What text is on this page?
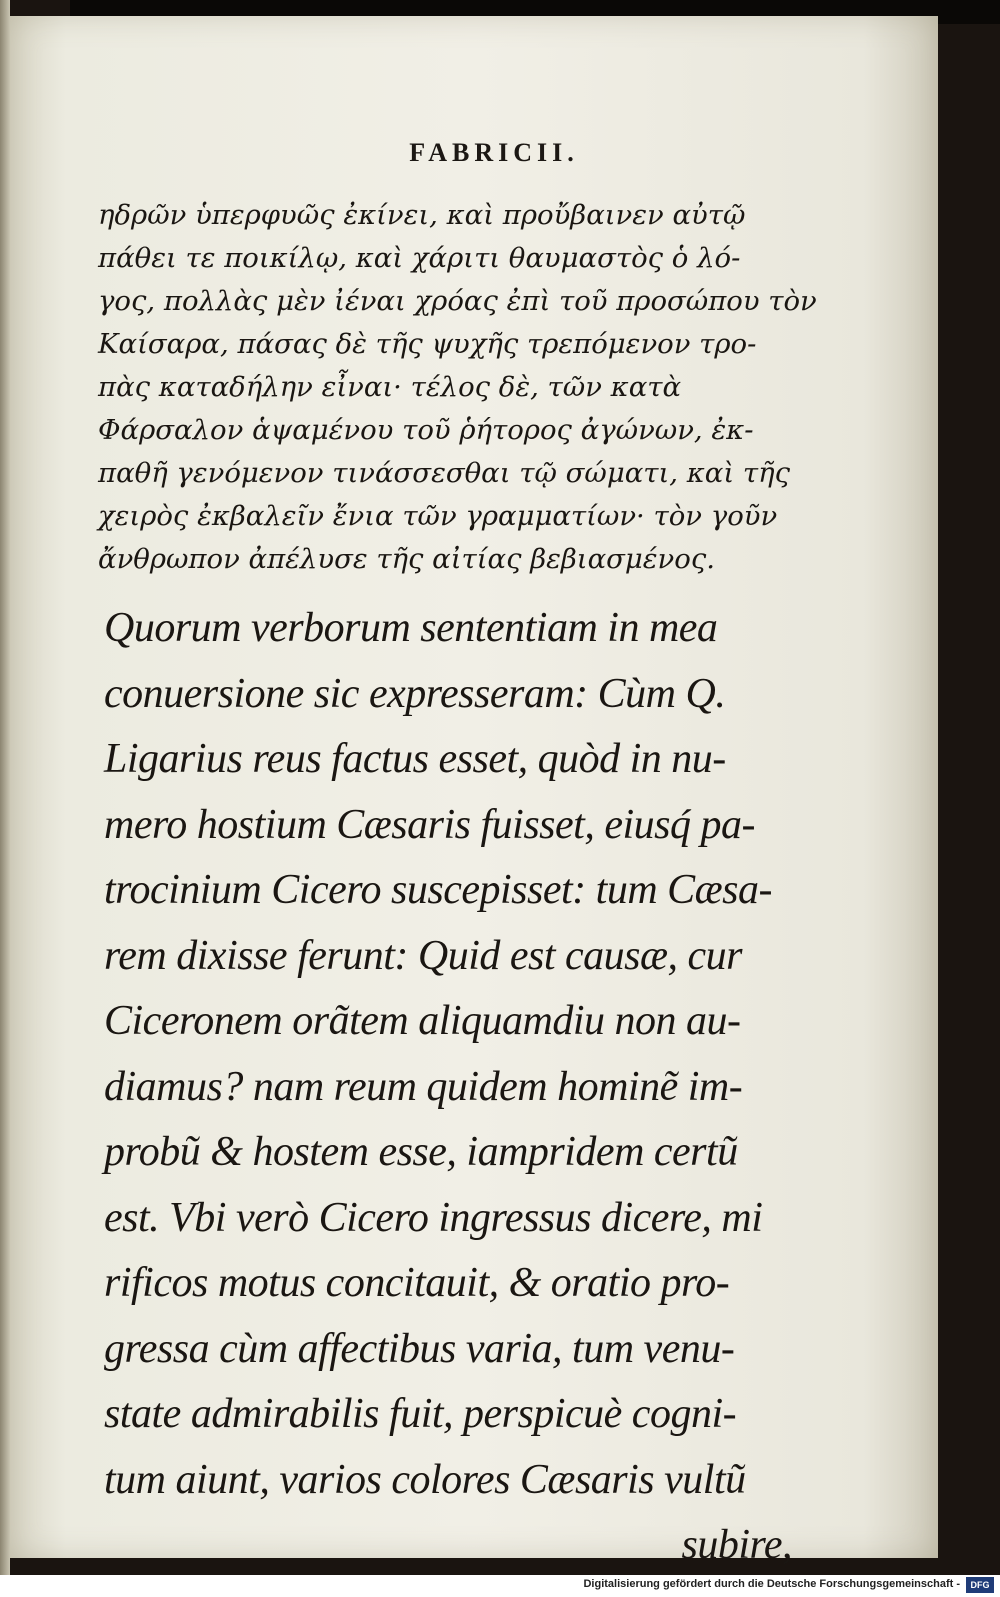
FABRICII.
ηδρῶν ὑπερφυῶς ἐκίνει, καὶ προὔβαινεν αὐτῷ
πάθει τε ποικίλῳ, καὶ χάριτι θαυμαστὸς ὁ λό-
γος, πολλὰς μὲν ἰέναι χρόας ἐπὶ τοῦ προσώπου τὸν
Καίσαρα, πάσας δὲ τῆς ψυχῆς τρεπόμενον τρο-
πὰς καταδήλην εἶναι· τέλος δὲ, τῶν κατὰ
Φάρσαλον ἁψαμένου τοῦ ῥήτορος ἀγώνων, ἐκ-
παθῆ γενόμενον τινάσσεσθαι τῷ σώματι, καὶ τῆς
χειρὸς ἐκβαλεῖν ἔνια τῶν γραμματίων· τὸν γοῦν
ἄνθρωπον ἀπέλυσε τῆς αἰτίας βεβιασμένος.
Quorum verborum sententiam in mea
conuersione sic expresseram: Cùm Q.
Ligarius reus factus esset, quòd in nu-
mero hostium Cæsaris fuisset, eiusq́ pa-
trocinium Cicero suscepisset: tum Cæsa-
rem dixisse ferunt: Quid est causæ, cur
Ciceronem orãtem aliquamdiu non au-
diamus? nam reum quidem hominẽ im-
probũ & hostem esse, iampridem certũ
est. Vbi verò Cicero ingressus dicere, mi
rificos motus concitauit, & oratio pro-
gressa cùm affectibus varia, tum venu-
state admirabilis fuit, perspicuè cogni-
tum aiunt, varios colores Cæsaris vultũ
subire,
Digitalisierung gefördert durch die Deutsche Forschungsgemeinschaft -	DFG
